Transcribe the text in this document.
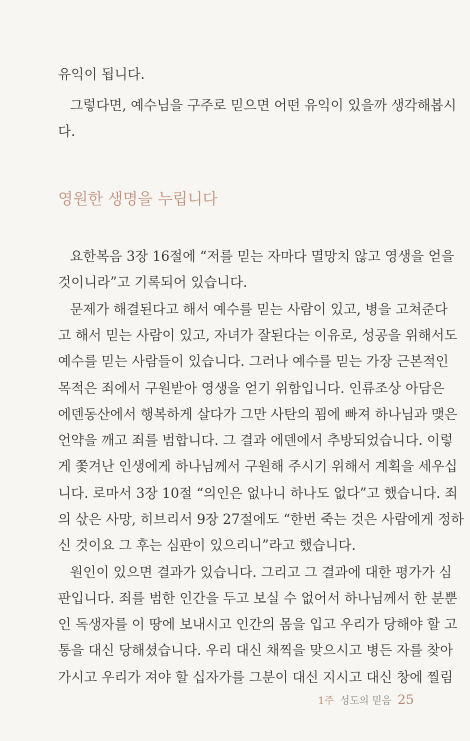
유익이 됩니다.
그렇다면, 예수님을 구주로 믿으면 어떤 유익이 있을까 생각해봅시
다.
영원한 생명을 누립니다
요한복음 3장 16절에 “저를 믿는 자마다 멸망치 않고 영생을 얻을
것이니라”고 기록되어 있습니다.
문제가 해결된다고 해서 예수를 믿는 사람이 있고, 병을 고쳐준다
고 해서 믿는 사람이 있고, 자녀가 잘된다는 이유로, 성공을 위해서도
예수를 믿는 사람들이 있습니다. 그러나 예수를 믿는 가장 근본적인
목적은 죄에서 구원받아 영생을 얻기 위함입니다. 인류조상 아담은
에덴동산에서 행복하게 살다가 그만 사탄의 꾐에 빠져 하나님과 맺은
언약을 깨고 죄를 범합니다. 그 결과 에덴에서 추방되었습니다. 이렇
게 쫓겨난 인생에게 하나님께서 구원해 주시기 위해서 계획을 세우십
니다. 로마서 3장 10절 “의인은 없나니 하나도 없다”고 했습니다. 죄
의 삯은 사망, 히브리서 9장 27절에도 “한번 죽는 것은 사람에게 정하
신 것이요 그 후는 심판이 있으리니”라고 했습니다.
원인이 있으면 결과가 있습니다. 그리고 그 결과에 대한 평가가 심
판입니다. 죄를 범한 인간을 두고 보실 수 없어서 하나님께서 한 분뿐
인 독생자를 이 땅에 보내시고 인간의 몸을 입고 우리가 당해야 할 고
통을 대신 당해셨습니다. 우리 대신 채찍을 맞으시고 병든 자를 찾아
가시고 우리가 져야 할 십자가를 그분이 대신 지시고 대신 창에 찔림
1주 성도의 믿음 25
